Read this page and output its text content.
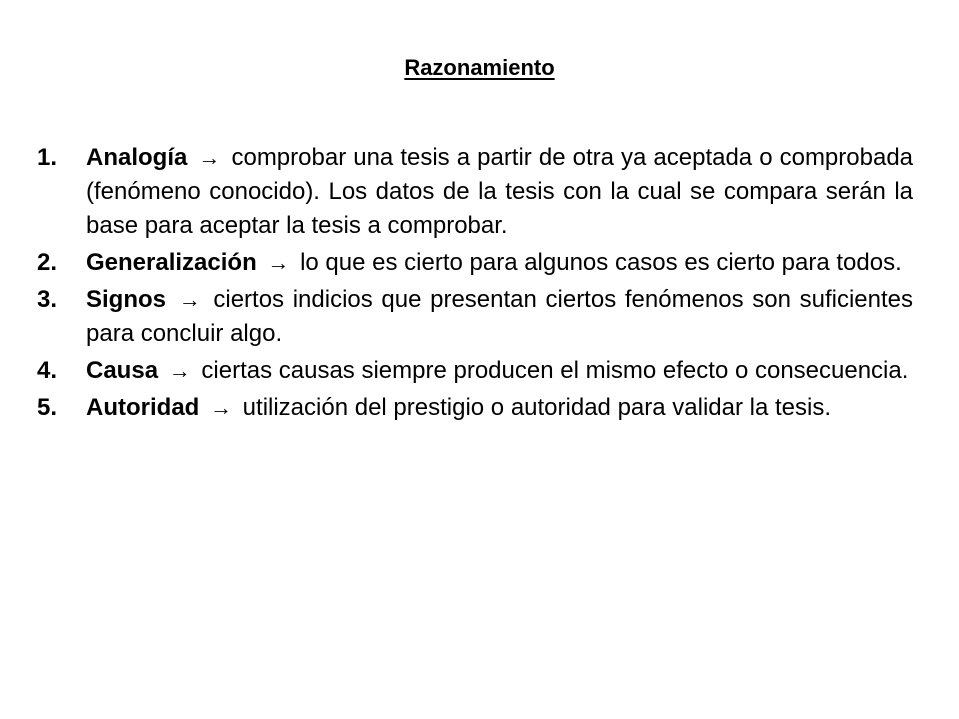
Razonamiento
1. Analogía → comprobar una tesis a partir de otra ya aceptada o comprobada (fenómeno conocido). Los datos de la tesis con la cual se compara serán la base para aceptar la tesis a comprobar.
2. Generalización → lo que es cierto para algunos casos es cierto para todos.
3. Signos → ciertos indicios que presentan ciertos fenómenos son suficientes para concluir algo.
4. Causa → ciertas causas siempre producen el mismo efecto o consecuencia.
5. Autoridad → utilización del prestigio o autoridad para validar la tesis.
